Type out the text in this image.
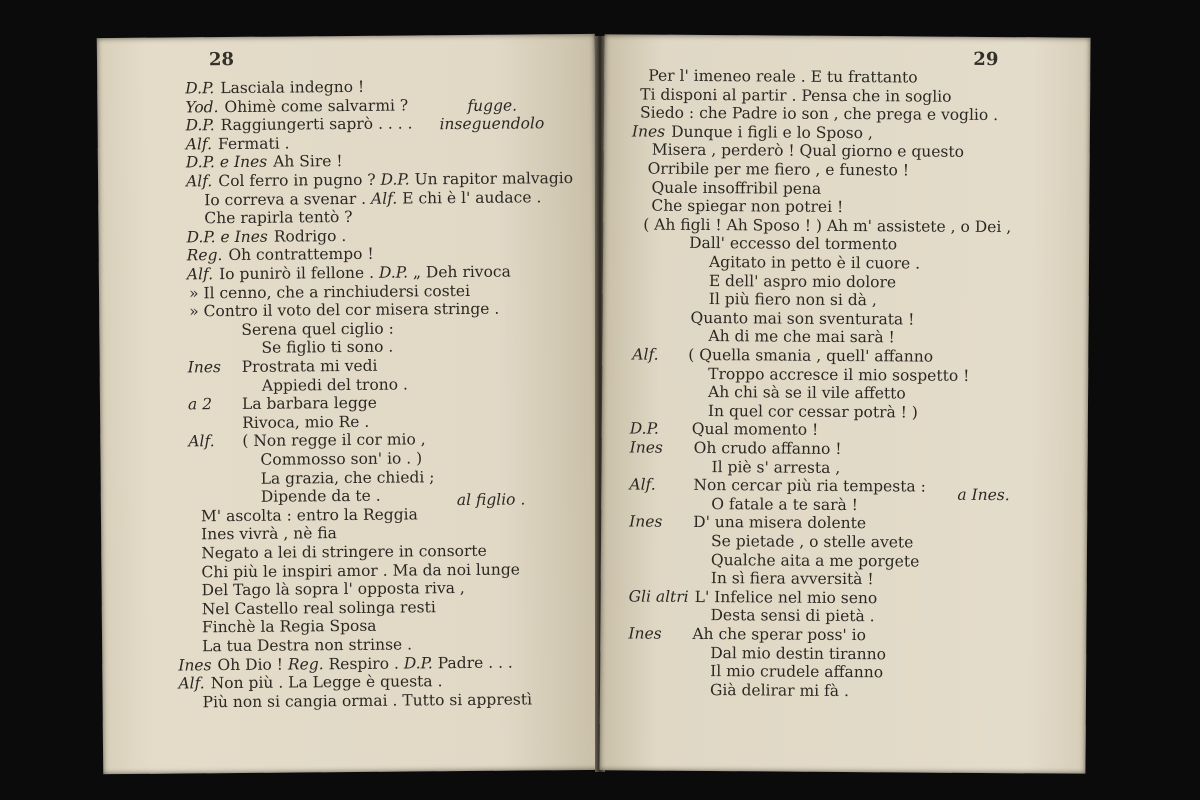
28
D.P. Lasciala indegno !
Yod. Ohimè come salvarmi ?
D.P. Raggiungerti saprò . . . .
Alf. Fermati .
D.P. e Ines Ah Sire !
Alf. Col ferro in pugno ? D.P. Un rapitor malvagio
Io correva a svenar . Alf. E chi è l' audace .
Che rapirla tentò ?
D.P. e Ines Rodrigo .
Reg. Oh contrattempo !
Alf. Io punirò il fellone . D.P. „ Deh rivoca
» Il cenno, che a rinchiudersi costei
» Contro il voto del cor misera stringe .
Serena quel ciglio :
Se figlio ti sono .
Ines Prostrata mi vedi
Appiedi del trono .
a 2 La barbara legge
Rivoca, mio Re .
Alf. ( Non regge il cor mio ,
Commosso son' io . )
La grazia, che chiedi ;
Dipende da te .
M' ascolta : entro la Reggia
Ines vivrà , nè fia
Negato a lei di stringere in consorte
Chi più le inspiri amor . Ma da noi lunge
Del Tago là sopra l' opposta riva ,
Nel Castello real solinga resti
Finchè la Regia Sposa
La tua Destra non strinse .
Ines Oh Dio ! Reg. Respiro . D.P. Padre . . .
Alf. Non più . La Legge è questa .
Più non si cangia ormai . Tutto si apprestì
fugge.
inseguendolo
al figlio .
29
Per l' imeneo reale . E tu frattanto
Ti disponi al partir . Pensa che in soglio
Siedo : che Padre io son , che prega e voglio .
Ines Dunque i figli e lo Sposo ,
Misera , perderò ! Qual giorno e questo
Orribile per me fiero , e funesto !
Quale insoffribil pena
Che spiegar non potrei !
( Ah figli ! Ah Sposo ! ) Ah m' assistete , o Dei ,
Dall' eccesso del tormento
Agitato in petto è il cuore .
E dell' aspro mio dolore
Il più fiero non si dà ,
Quanto mai son sventurata !
Ah di me che mai sarà !
Alf. ( Quella smania , quell' affanno
Troppo accresce il mio sospetto !
Ah chi sà se il vile affetto
In quel cor cessar potrà ! )
D.P. Qual momento !
Ines Oh crudo affanno !
Il piè s' arresta ,
Alf. Non cercar più ria tempesta :
O fatale a te sarà !
Ines D' una misera dolente
Se pietade , o stelle avete
Qualche aita a me porgete
In sì fiera avversità !
Gli altri L' Infelice nel mio seno
Desta sensi di pietà .
Ines Ah che sperar poss' io
Dal mio destin tiranno
Il mio crudele affanno
Già delirar mi fà .
a Ines.
